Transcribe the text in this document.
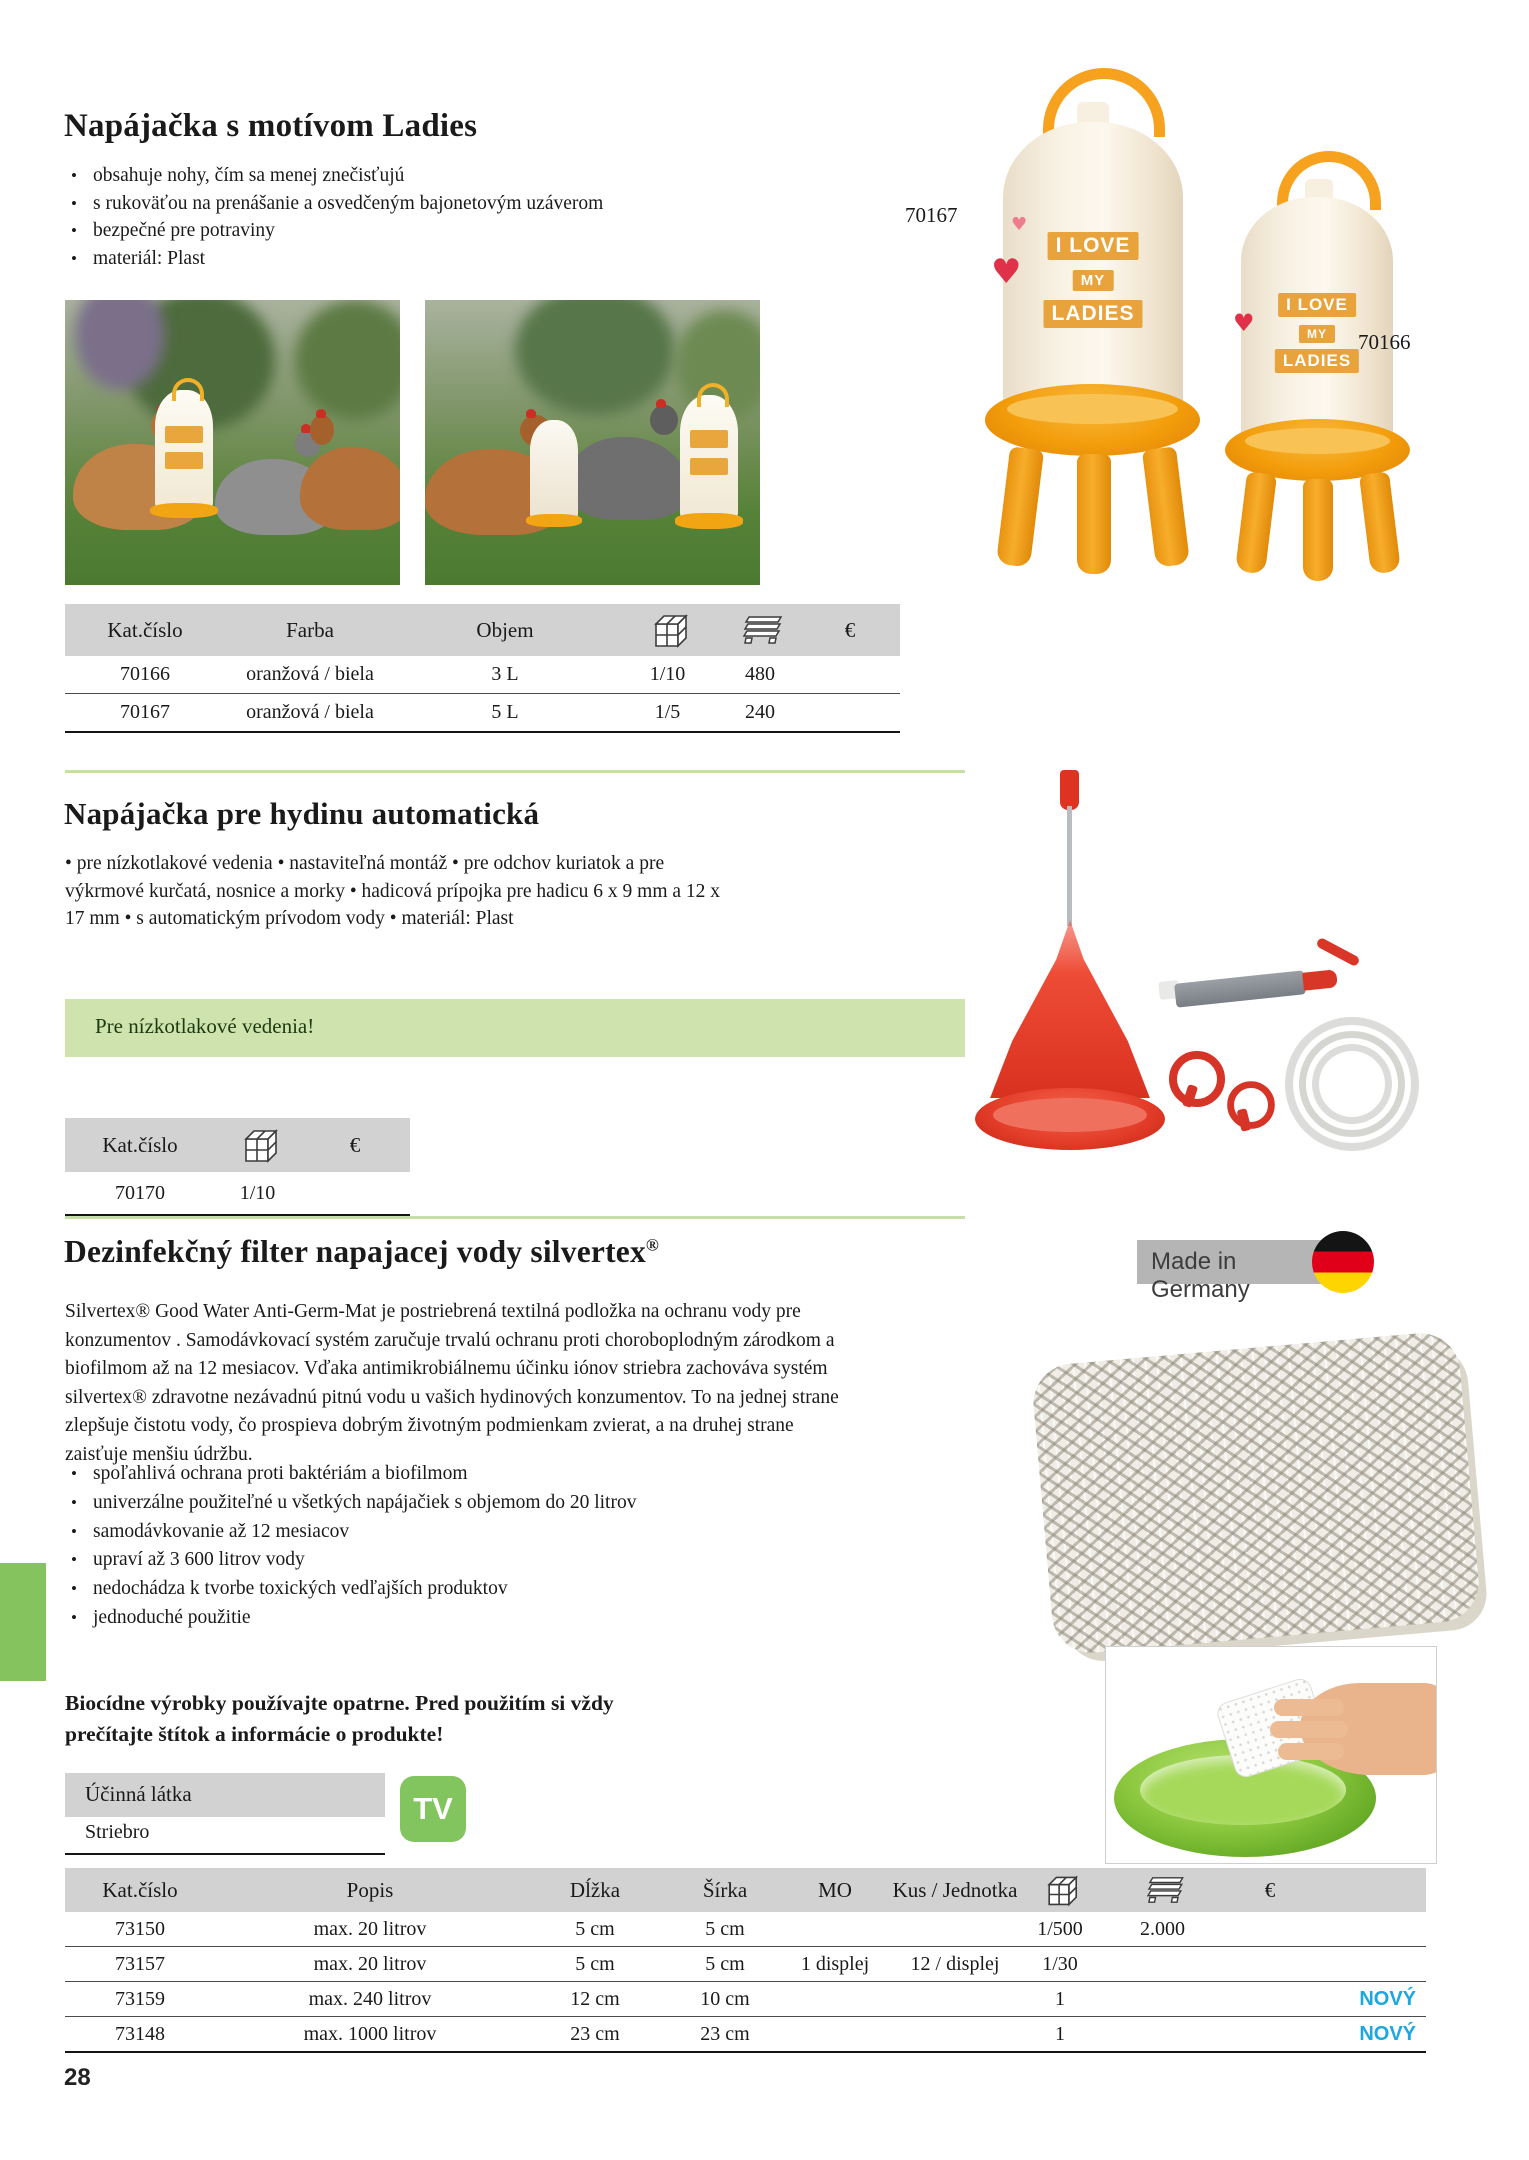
Napájačka s motívom Ladies
• obsahuje nohy, čím sa menej znečisťujú
• s rukoväťou na prenášanie a osvedčeným bajonetovým uzáverom
• bezpečné pre potraviny
• materiál: Plast	♥
♥
I LOVE
MY
LADIES	♥
I LOVE
MY
LADIES
70167
70166
Kat.číslo	Farba	Objem			€
70166	oranžová / biela	3 L	1/10	480	
70167	oranžová / biela	5 L	1/5	240	
Napájačka pre hydinu automatická
• pre nízkotlakové vedenia • nastaviteľná montáž • pre odchov kuriatok a pre výkrmové kurčatá, nosnice a morky • hadicová prípojka pre hadicu 6 x 9 mm a 12 x 17 mm • s automatickým prívodom vody • materiál: Plast
Pre nízkotlakové vedenia!
Kat.číslo		€
70170	1/10	
Dezinfekčný filter napajacej vody silvertex®
Made in Germany
Silvertex® Good Water Anti-Germ-Mat je postriebrená textilná podložka na ochranu vody pre konzumentov . Samodávkovací systém zaručuje trvalú ochranu proti choroboplodným zárodkom a biofilmom až na 12 mesiacov. Vďaka antimikrobiálnemu účinku iónov striebra zachováva systém silvertex® zdravotne nezávadnú pitnú vodu u vašich hydinových konzumentov. To na jednej strane zlepšuje čistotu vody, čo prospieva dobrým životným podmienkam zvierat, a na druhej strane zaisťuje menšiu údržbu.
• spoľahlivá ochrana proti baktériám a biofilmom
• univerzálne použiteľné u všetkých napájačiek s objemom do 20 litrov
• samodávkovanie až 12 mesiacov
• upraví až 3 600 litrov vody
• nedochádza k tvorbe toxických vedľajších produktov
• jednoduché použitie
Biocídne výrobky používajte opatrne. Pred použitím si vždy prečítajte štítok a informácie o produkte!
Účinná látka
Striebro
TV
Kat.číslo	Popis	Dĺžka	Šírka	MO	Kus / Jednotka			€	
73150	max. 20 litrov	5 cm	5 cm			1/500	2.000		
73157	max. 20 litrov	5 cm	5 cm	1 displej	12 / displej	1/30			
73159	max. 240 litrov	12 cm	10 cm			1			NOVÝ
73148	max. 1000 litrov	23 cm	23 cm			1			NOVÝ
28
